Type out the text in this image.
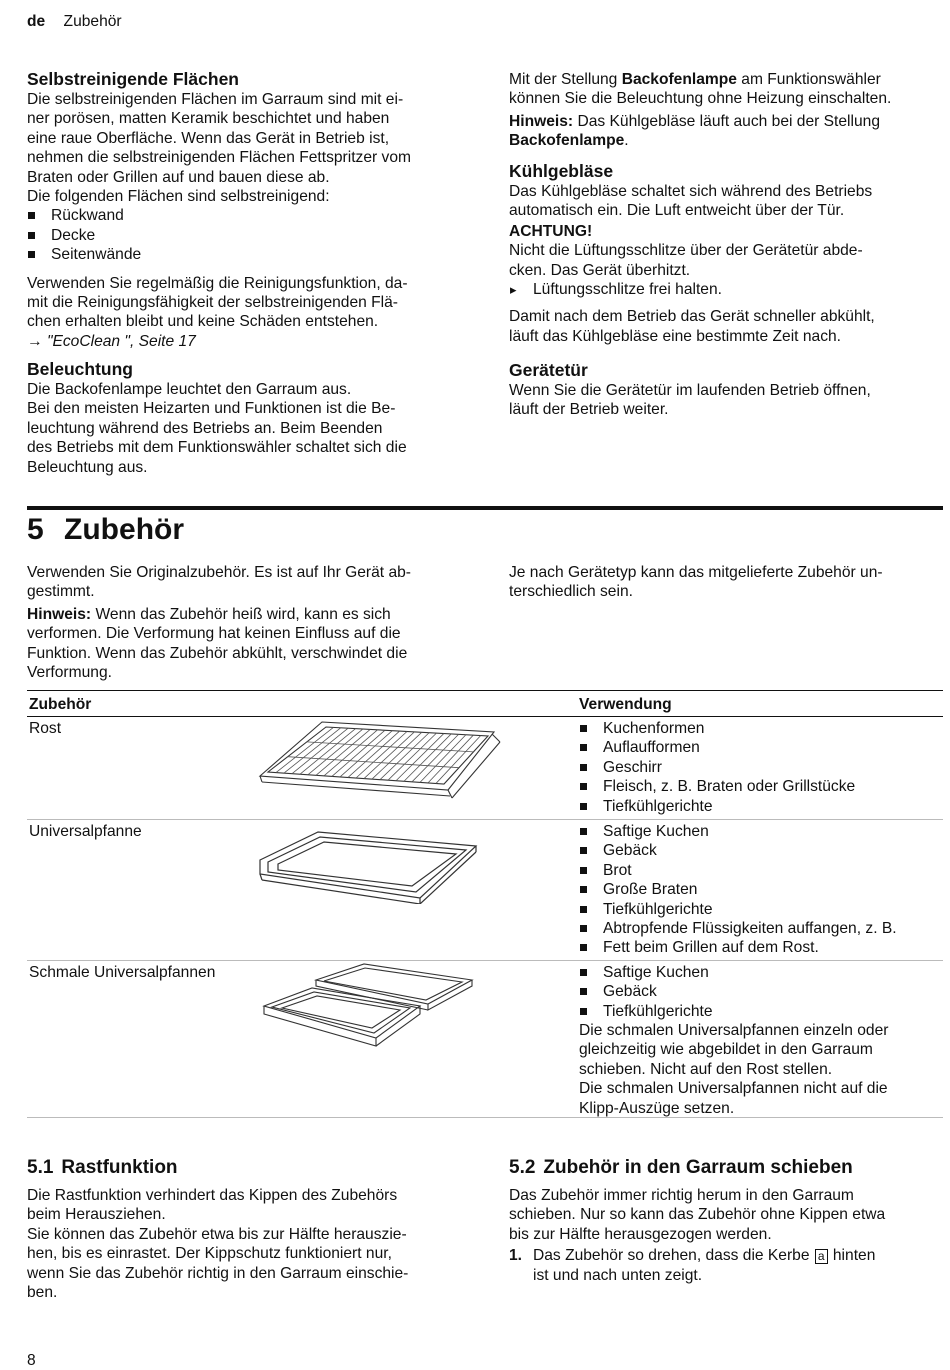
de Zubehör
Selbstreinigende Flächen

Die selbstreinigenden Flächen im Garraum sind mit ei-

ner porösen, matten Keramik beschichtet und haben

eine raue Oberfläche. Wenn das Gerät in Betrieb ist,

nehmen die selbstreinigenden Flächen Fettspritzer vom

Braten oder Grillen auf und bauen diese ab.

Die folgenden Flächen sind selbstreinigend:

Rückwand
Decke
Seitenwände

Verwenden Sie regelmäßig die Reinigungsfunktion, da-

mit die Reinigungsfähigkeit der selbstreinigenden Flä-

chen erhalten bleibt und keine Schäden entstehen.

→ "EcoClean ", Seite 17

Beleuchtung

Die Backofenlampe leuchtet den Garraum aus.

Bei den meisten Heizarten und Funktionen ist die Be-

leuchtung während des Betriebs an. Beim Beenden

des Betriebs mit dem Funktionswähler schaltet sich die

Beleuchtung aus.

Mit der Stellung Backofenlampe am Funktionswähler

können Sie die Beleuchtung ohne Heizung einschalten.

Hinweis: Das Kühlgebläse läuft auch bei der Stellung

Backofenlampe.

Kühlgebläse

Das Kühlgebläse schaltet sich während des Betriebs

automatisch ein. Die Luft entweicht über der Tür.

ACHTUNG!

Nicht die Lüftungsschlitze über der Gerätetür abde-

cken. Das Gerät überhitzt.

▸ Lüftungsschlitze frei halten.

Damit nach dem Betrieb das Gerät schneller abkühlt,

läuft das Kühlgebläse eine bestimmte Zeit nach.

Gerätetür

Wenn Sie die Gerätetür im laufenden Betrieb öffnen,

läuft der Betrieb weiter.

5 Zubehör

Verwenden Sie Originalzubehör. Es ist auf Ihr Gerät ab-

gestimmt.

Hinweis: Wenn das Zubehör heiß wird, kann es sich

verformen. Die Verformung hat keinen Einfluss auf die

Funktion. Wenn das Zubehör abkühlt, verschwindet die

Verformung.

Je nach Gerätetyp kann das mitgelieferte Zubehör un-

terschiedlich sein.

Zubehör	Verwendung
Rost	Kuchenformen
Auflaufformen
Geschirr
Fleisch, z. B. Braten oder Grillstücke
Tiefkühlgerichte
Universalpfanne	Saftige Kuchen
Gebäck
Brot
Große Braten
Tiefkühlgerichte
Abtropfende Flüssigkeiten auffangen, z. B.
Fett beim Grillen auf dem Rost.
Schmale Universalpfannen	Saftige Kuchen
Gebäck
Tiefkühlgerichte

Die schmalen Universalpfannen einzeln oder

gleichzeitig wie abgebildet in den Garraum

schieben. Nicht auf den Rost stellen.

Die schmalen Universalpfannen nicht auf die

Klipp-Auszüge setzen.

5.1 Rastfunktion

Die Rastfunktion verhindert das Kippen des Zubehörs

beim Herausziehen.

Sie können das Zubehör etwa bis zur Hälfte herauszie-

hen, bis es einrastet. Der Kippschutz funktioniert nur,

wenn Sie das Zubehör richtig in den Garraum einschie-

ben.

5.2 Zubehör in den Garraum schieben

Das Zubehör immer richtig herum in den Garraum

schieben. Nur so kann das Zubehör ohne Kippen etwa

bis zur Hälfte herausgezogen werden.

1. Das Zubehör so drehen, dass die Kerbe a hinten

ist und nach unten zeigt.

8
